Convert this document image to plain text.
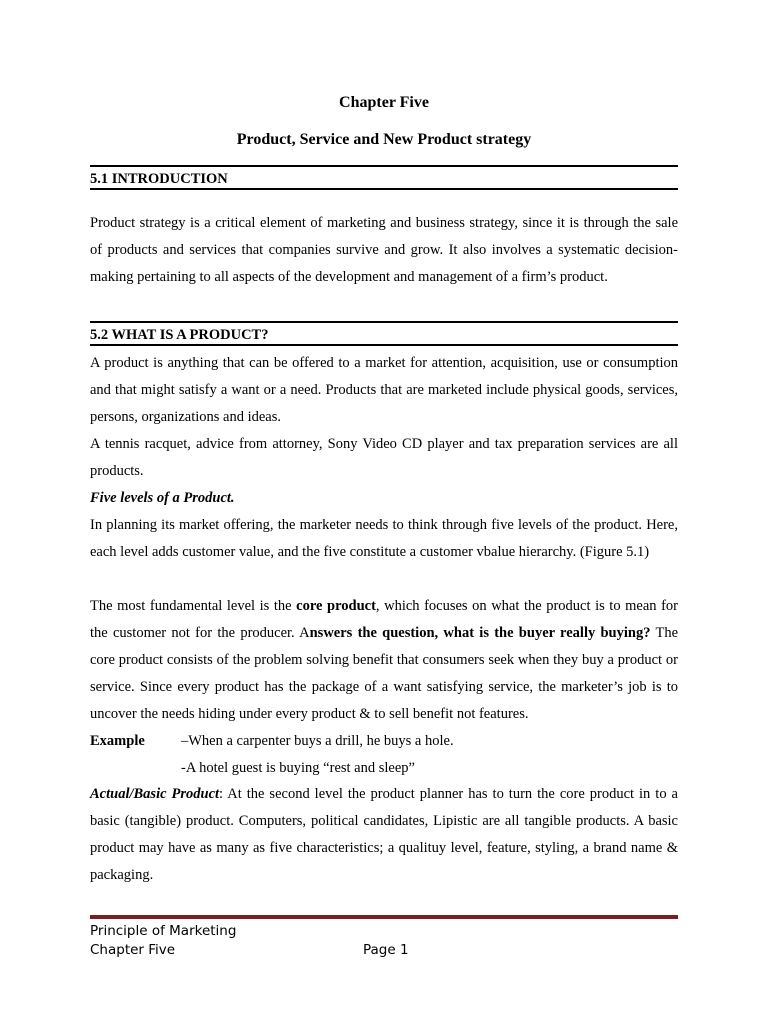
Chapter Five
Product, Service and New Product strategy
5.1 INTRODUCTION
Product strategy is a critical element of marketing and business strategy, since it is through the sale of products and services that companies survive and grow. It also involves a systematic decision-making pertaining to all aspects of the development and management of a firm’s product.
5.2 WHAT IS A PRODUCT?
A product is anything that can be offered to a market for attention, acquisition, use or consumption and that might satisfy a want or a need. Products that are marketed include physical goods, services, persons, organizations and ideas.
A tennis racquet, advice from attorney, Sony Video CD player and tax preparation services are all products.
Five levels of a Product.
In planning its market offering, the marketer needs to think through five levels of the product. Here, each level adds customer value, and the five constitute a customer vbalue hierarchy. (Figure 5.1)
The most fundamental level is the core product, which focuses on what the product is to mean for the customer not for the producer. Answers the question, what is the buyer really buying? The core product consists of the problem solving benefit that consumers seek when they buy a product or service. Since every product has the package of a want satisfying service, the marketer’s job is to uncover the needs hiding under every product & to sell benefit not features.
Example –When a carpenter buys a drill, he buys a hole.
-A hotel guest is buying “rest and sleep”
Actual/Basic Product: At the second level the product planner has to turn the core product in to a basic (tangible) product. Computers, political candidates, Lipistic are all tangible products. A basic product may have as many as five characteristics; a qualituy level, feature, styling, a brand name & packaging.
Principle of Marketing
Chapter Five	Page 1
